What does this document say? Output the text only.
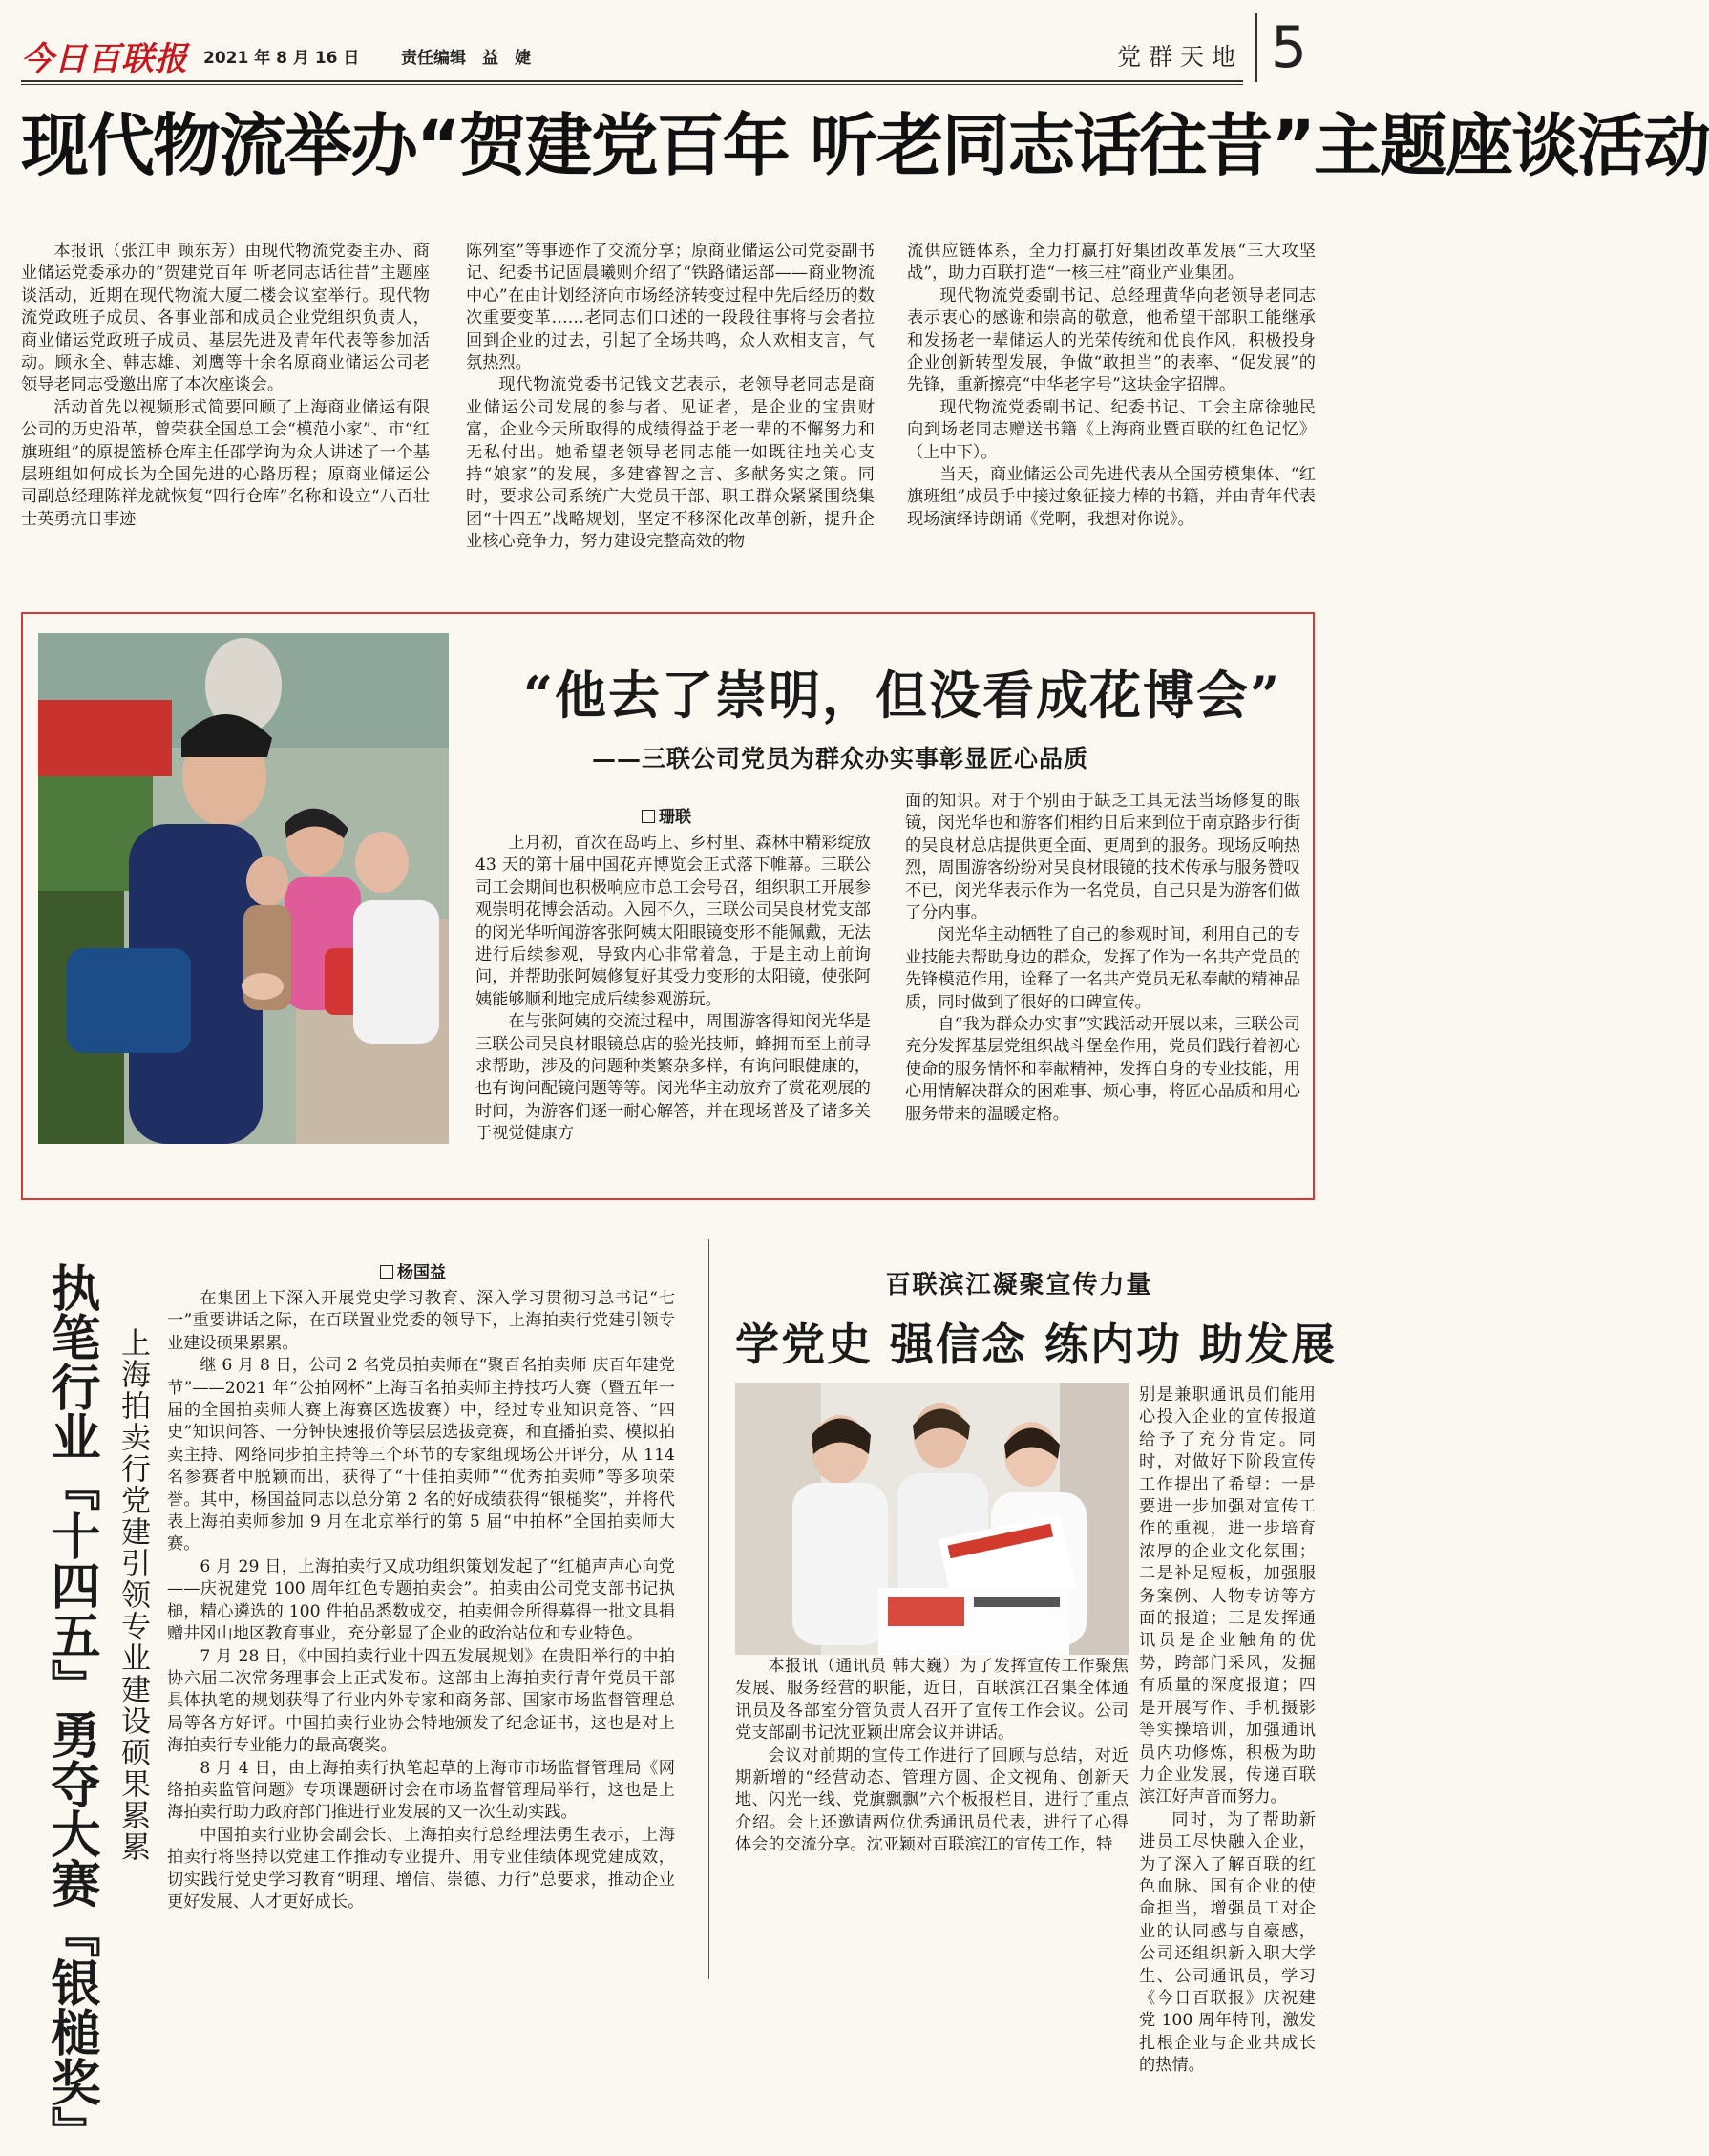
今日百联报 2021 年 8 月 16 日	责任编辑　益　婕	党群天地 5
现代物流举办“贺建党百年 听老同志话往昔”主题座谈活动

本报讯（张江申 顾东芳）由现代物流党委主办、商业储运党委承办的“贺建党百年 听老同志话往昔”主题座谈活动，近期在现代物流大厦二楼会议室举行。现代物流党政班子成员、各事业部和成员企业党组织负责人，商业储运党政班子成员、基层先进及青年代表等参加活动。顾永全、韩志雄、刘鹰等十余名原商业储运公司老领导老同志受邀出席了本次座谈会。

活动首先以视频形式简要回顾了上海商业储运有限公司的历史沿革，曾荣获全国总工会“模范小家”、市“红旗班组”的原提篮桥仓库主任邵学询为众人讲述了一个基层班组如何成长为全国先进的心路历程；原商业储运公司副总经理陈祥龙就恢复“四行仓库”名称和设立“八百壮士英勇抗日事迹

陈列室”等事迹作了交流分享；原商业储运公司党委副书记、纪委书记固晨曦则介绍了“铁路储运部——商业物流中心”在由计划经济向市场经济转变过程中先后经历的数次重要变革……老同志们口述的一段段往事将与会者拉回到企业的过去，引起了全场共鸣，众人欢相支言，气氛热烈。

现代物流党委书记钱文艺表示，老领导老同志是商业储运公司发展的参与者、见证者，是企业的宝贵财富，企业今天所取得的成绩得益于老一辈的不懈努力和无私付出。她希望老领导老同志能一如既往地关心支持“娘家”的发展，多建睿智之言、多献务实之策。同时，要求公司系统广大党员干部、职工群众紧紧围绕集团“十四五”战略规划，坚定不移深化改革创新，提升企业核心竞争力，努力建设完整高效的物

流供应链体系，全力打赢打好集团改革发展“三大攻坚战”，助力百联打造“一核三柱”商业产业集团。

现代物流党委副书记、总经理黄华向老领导老同志表示衷心的感谢和崇高的敬意，他希望干部职工能继承和发扬老一辈储运人的光荣传统和优良作风，积极投身企业创新转型发展，争做“敢担当”的表率、“促发展”的先锋，重新擦亮“中华老字号”这块金字招牌。

现代物流党委副书记、纪委书记、工会主席徐驰民向到场老同志赠送书籍《上海商业暨百联的红色记忆》（上中下）。

当天，商业储运公司先进代表从全国劳模集体、“红旗班组”成员手中接过象征接力棒的书籍，并由青年代表现场演绎诗朗诵《党啊，我想对你说》。

“他去了崇明，但没看成花博会”
——三联公司党员为群众办实事彰显匠心品质
珊联

上月初，首次在岛屿上、乡村里、森林中精彩绽放 43 天的第十届中国花卉博览会正式落下帷幕。三联公司工会期间也积极响应市总工会号召，组织职工开展参观崇明花博会活动。入园不久，三联公司吴良材党支部的闵光华听闻游客张阿姨太阳眼镜变形不能佩戴，无法进行后续参观，导致内心非常着急，于是主动上前询问，并帮助张阿姨修复好其受力变形的太阳镜，使张阿姨能够顺利地完成后续参观游玩。

在与张阿姨的交流过程中，周围游客得知闵光华是三联公司吴良材眼镜总店的验光技师，蜂拥而至上前寻求帮助，涉及的问题种类繁杂多样，有询问眼健康的，也有询问配镜问题等等。闵光华主动放弃了赏花观展的时间，为游客们逐一耐心解答，并在现场普及了诸多关于视觉健康方

面的知识。对于个别由于缺乏工具无法当场修复的眼镜，闵光华也和游客们相约日后来到位于南京路步行街的吴良材总店提供更全面、更周到的服务。现场反响热烈，周围游客纷纷对吴良材眼镜的技术传承与服务赞叹不已，闵光华表示作为一名党员，自己只是为游客们做了分内事。

闵光华主动牺牲了自己的参观时间，利用自己的专业技能去帮助身边的群众，发挥了作为一名共产党员的先锋模范作用，诠释了一名共产党员无私奉献的精神品质，同时做到了很好的口碑宣传。

自“我为群众办实事”实践活动开展以来，三联公司充分发挥基层党组织战斗堡垒作用，党员们践行着初心使命的服务情怀和奉献精神，发挥自身的专业技能，用心用情解决群众的困难事、烦心事，将匠心品质和用心服务带来的温暖定格。

执笔行业『十四五』勇夺大赛『银槌奖』 上海拍卖行党建引领专业建设硕果累累
杨国益

在集团上下深入开展党史学习教育、深入学习贯彻习总书记“七一”重要讲话之际，在百联置业党委的领导下，上海拍卖行党建引领专业建设硕果累累。

继 6 月 8 日，公司 2 名党员拍卖师在“聚百名拍卖师 庆百年建党节”——2021 年“公拍网杯”上海百名拍卖师主持技巧大赛（暨五年一届的全国拍卖师大赛上海赛区选拔赛）中，经过专业知识竞答、“四史”知识问答、一分钟快速报价等层层选拔竞赛，和直播拍卖、模拟拍卖主持、网络同步拍主持等三个环节的专家组现场公开评分，从 114 名参赛者中脱颖而出，获得了“十佳拍卖师”“优秀拍卖师”等多项荣誉。其中，杨国益同志以总分第 2 名的好成绩获得“银槌奖”，并将代表上海拍卖师参加 9 月在北京举行的第 5 届“中拍杯”全国拍卖师大赛。

6 月 29 日，上海拍卖行又成功组织策划发起了“红槌声声心向党——庆祝建党 100 周年红色专题拍卖会”。拍卖由公司党支部书记执槌，精心遴选的 100 件拍品悉数成交，拍卖佣金所得募得一批文具捐赠井冈山地区教育事业，充分彰显了企业的政治站位和专业特色。

7 月 28 日，《中国拍卖行业十四五发展规划》在贵阳举行的中拍协六届二次常务理事会上正式发布。这部由上海拍卖行青年党员干部具体执笔的规划获得了行业内外专家和商务部、国家市场监督管理总局等各方好评。中国拍卖行业协会特地颁发了纪念证书，这也是对上海拍卖行专业能力的最高褒奖。

8 月 4 日，由上海拍卖行执笔起草的上海市市场监督管理局《网络拍卖监管问题》专项课题研讨会在市场监督管理局举行，这也是上海拍卖行助力政府部门推进行业发展的又一次生动实践。

中国拍卖行业协会副会长、上海拍卖行总经理法勇生表示，上海拍卖行将坚持以党建工作推动专业提升、用专业佳绩体现党建成效，切实践行党史学习教育“明理、增信、崇德、力行”总要求，推动企业更好发展、人才更好成长。

百联滨江凝聚宣传力量
学党史 强信念 练内功 助发展

本报讯（通讯员 韩大巍）为了发挥宣传工作聚焦发展、服务经营的职能，近日，百联滨江召集全体通讯员及各部室分管负责人召开了宣传工作会议。公司党支部副书记沈亚颖出席会议并讲话。

会议对前期的宣传工作进行了回顾与总结，对近期新增的“经营动态、管理方圆、企文视角、创新天地、闪光一线、党旗飘飘”六个板报栏目，进行了重点介绍。会上还邀请两位优秀通讯员代表，进行了心得体会的交流分享。沈亚颖对百联滨江的宣传工作，特

别是兼职通讯员们能用心投入企业的宣传报道给予了充分肯定。同时，对做好下阶段宣传工作提出了希望：一是要进一步加强对宣传工作的重视，进一步培育浓厚的企业文化氛围；二是补足短板，加强服务案例、人物专访等方面的报道；三是发挥通讯员是企业触角的优势，跨部门采风，发掘有质量的深度报道；四是开展写作、手机摄影等实操培训，加强通讯员内功修炼，积极为助力企业发展，传递百联滨江好声音而努力。

同时，为了帮助新进员工尽快融入企业，为了深入了解百联的红色血脉、国有企业的使命担当，增强员工对企业的认同感与自豪感，公司还组织新入职大学生、公司通讯员，学习《今日百联报》庆祝建党 100 周年特刊，激发扎根企业与企业共成长的热情。
